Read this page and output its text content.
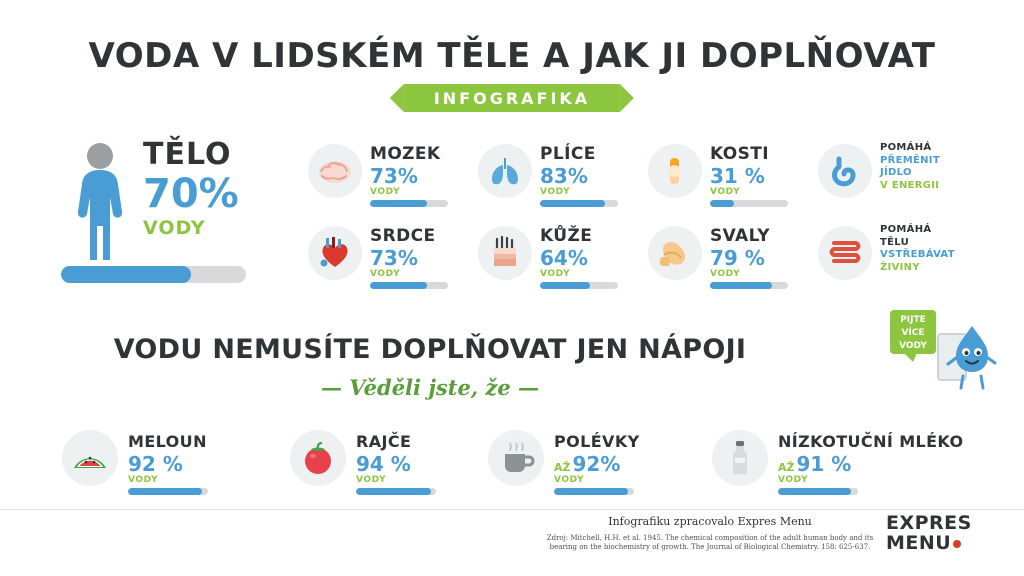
VODA V LIDSKÉM TĚLE A JAK JI DOPLŇOVAT
INFOGRAFIKA
TĚLO
70%
VODY
MOZEK
73%
VODY
PLÍCE
83%
VODY
KOSTI
31 %
VODY
POMÁHÁ
PŘEMĚNIT
JÍDLO
V ENERGII
SRDCE
73%
VODY
KŮŽE
64%
VODY
SVALY
79 %
VODY
POMÁHÁ
TĚLU
VSTŘEBÁVAT
ŽIVINY
VODU NEMUSÍTE DOPLŇOVAT JEN NÁPOJI
— Věděli jste, že —
PIJTE
VÍCE
VODY
MELOUN
92 %
VODY
RAJČE
94 %
VODY
POLÉVKY
AŽ 92%
VODY
NÍZKOTUČNÍ MLÉKO
AŽ 91 %
VODY
Infografiku zpracovalo Expres Menu
Zdroj: Mitchell, H.H. et al. 1945. The chemical composition of the adult human body and its
bearing on the biochemistry of growth. The Journal of Biological Chemistry. 158: 625-637.
EXPRES
MENU
